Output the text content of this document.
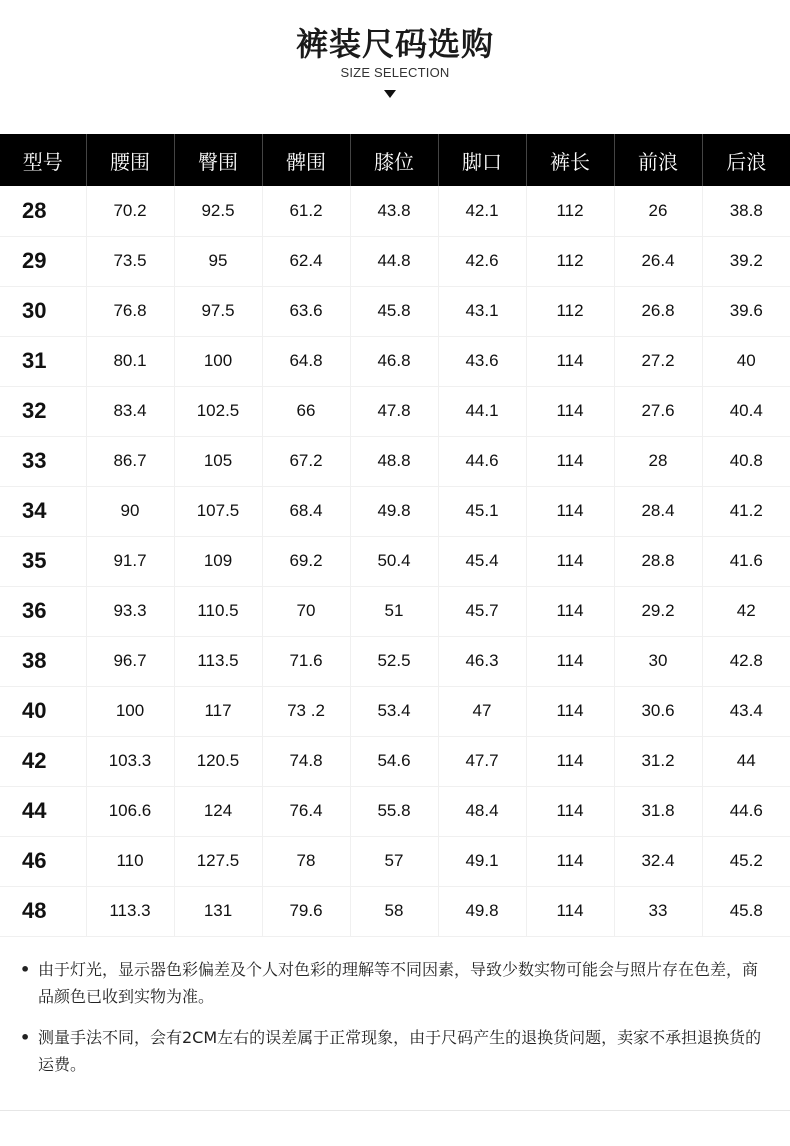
裤装尺码选购
SIZE SELECTION
型号	腰围	臀围	髀围	膝位	脚口	裤长	前浪	后浪
28	70.2	92.5	61.2	43.8	42.1	112	26	38.8
29	73.5	95	62.4	44.8	42.6	112	26.4	39.2
30	76.8	97.5	63.6	45.8	43.1	112	26.8	39.6
31	80.1	100	64.8	46.8	43.6	114	27.2	40
32	83.4	102.5	66	47.8	44.1	114	27.6	40.4
33	86.7	105	67.2	48.8	44.6	114	28	40.8
34	90	107.5	68.4	49.8	45.1	114	28.4	41.2
35	91.7	109	69.2	50.4	45.4	114	28.8	41.6
36	93.3	110.5	70	51	45.7	114	29.2	42
38	96.7	113.5	71.6	52.5	46.3	114	30	42.8
40	100	117	73 .2	53.4	47	114	30.6	43.4
42	103.3	120.5	74.8	54.6	47.7	114	31.2	44
44	106.6	124	76.4	55.8	48.4	114	31.8	44.6
46	110	127.5	78	57	49.1	114	32.4	45.2
48	113.3	131	79.6	58	49.8	114	33	45.8
• 由于灯光，显示器色彩偏差及个人对色彩的理解等不同因素，导致少数实物可能会与照片存在色差，商品颜色已收到实物为准。
• 测量手法不同，会有2CM左右的误差属于正常现象，由于尺码产生的退换货问题，卖家不承担退换货的运费。
